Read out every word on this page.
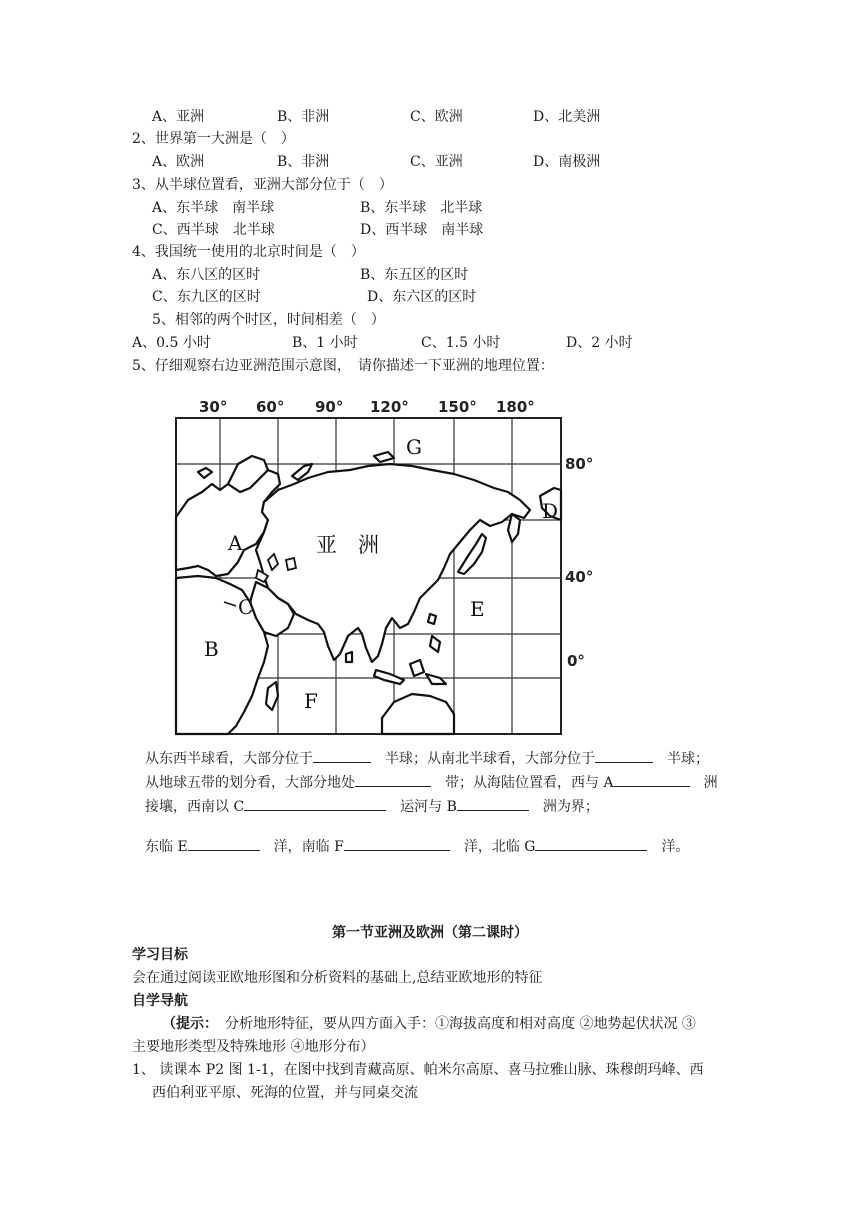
A、亚洲	B、非洲	C、欧洲	D、北美洲
2、世界第一大洲是（　）
A、欧洲	B、非洲	C、亚洲	D、南极洲
3、从半球位置看，亚洲大部分位于（　）
A、东半球　南半球	B、东半球　北半球
C、西半球　北半球	D、西半球　南半球
4、我国统一使用的北京时间是（　）
A、东八区的区时	B、东五区的区时
C、东九区的区时	D、东六区的区时
5、相邻的两个时区，时间相差（　）
A、0.5 小时	B、1 小时	C、1.5 小时	D、2 小时
5、仔细观察右边亚洲范围示意图，　请你描述一下亚洲的地理位置：
30° 60° 90° 120° 150° 180°
80°
40°
0°
A
B
C
D
E
F
G
亚　洲
从东西半球看，大部分位于　	半球；从南北半球看，大部分位于　	半球；
从地球五带的划分看，大部分地处　	带；从海陆位置看，西与 A　	洲
接壤，西南以 C　	运河与 B　	洲为界；
东临 E　	洋，南临 F　	洋，北临 G　	洋。
第一节亚洲及欧洲（第二课时）
学习目标
会在通过阅读亚欧地形图和分析资料的基础上,总结亚欧地形的特征
自学导航
（提示：　 分析地形特征，要从四方面入手：①海拔高度和相对高度 ②地势起伏状况 ③
主要地形类型及特殊地形 ④地形分布）
1、 读课本 P2 图 1-1，在图中找到青藏高原、帕米尔高原、喜马拉雅山脉、珠穆朗玛峰、西
西伯利亚平原、死海的位置，并与同桌交流
